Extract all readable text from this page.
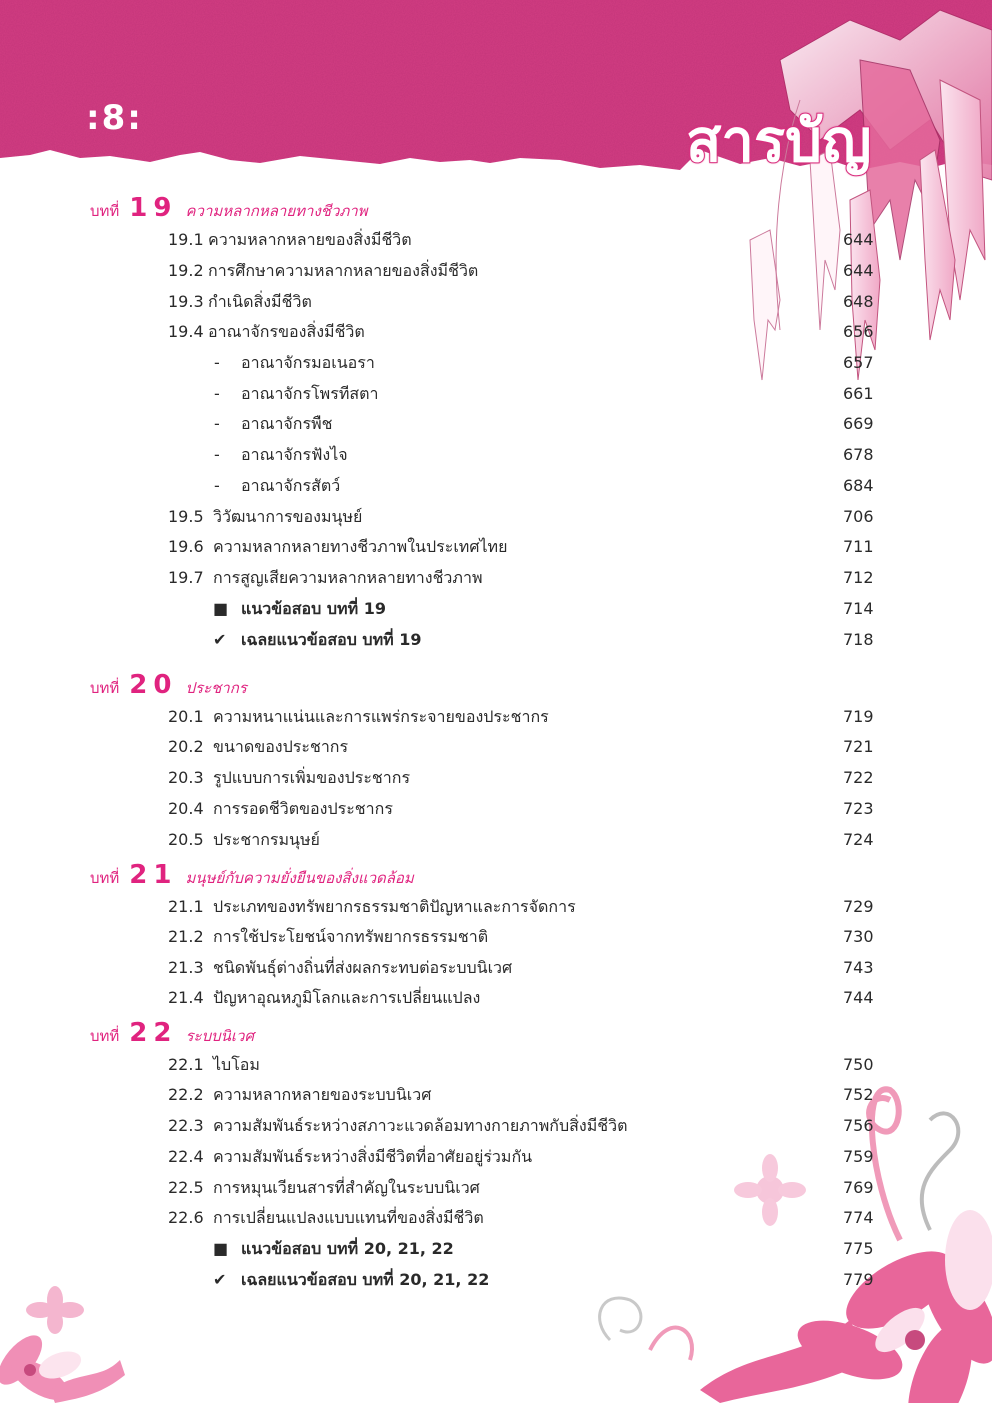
:8:	สารบัญ
บทที่ 19 ความหลากหลายทางชีวภาพ
19.1 ความหลากหลายของสิ่งมีชีวิต	644
19.2 การศึกษาความหลากหลายของสิ่งมีชีวิต	644
19.3 กำเนิดสิ่งมีชีวิต	648
19.4 อาณาจักรของสิ่งมีชีวิต	656
- อาณาจักรมอเนอรา	657
- อาณาจักรโพรทีสตา	661
- อาณาจักรพืช	669
- อาณาจักรฟังไจ	678
- อาณาจักรสัตว์	684
19.5 วิวัฒนาการของมนุษย์	706
19.6 ความหลากหลายทางชีวภาพในประเทศไทย	711
19.7 การสูญเสียความหลากหลายทางชีวภาพ	712
■ แนวข้อสอบ บทที่ 19	714
✔ เฉลยแนวข้อสอบ บทที่ 19	718
บทที่ 20 ประชากร
20.1 ความหนาแน่นและการแพร่กระจายของประชากร	719
20.2 ขนาดของประชากร	721
20.3 รูปแบบการเพิ่มของประชากร	722
20.4 การรอดชีวิตของประชากร	723
20.5 ประชากรมนุษย์	724
บทที่ 21 มนุษย์กับความยั่งยืนของสิ่งแวดล้อม
21.1 ประเภทของทรัพยากรธรรมชาติปัญหาและการจัดการ	729
21.2 การใช้ประโยชน์จากทรัพยากรธรรมชาติ	730
21.3 ชนิดพันธุ์ต่างถิ่นที่ส่งผลกระทบต่อระบบนิเวศ	743
21.4 ปัญหาอุณหภูมิโลกและการเปลี่ยนแปลง	744
บทที่ 22 ระบบนิเวศ
22.1 ไบโอม	750
22.2 ความหลากหลายของระบบนิเวศ	752
22.3 ความสัมพันธ์ระหว่างสภาวะแวดล้อมทางกายภาพกับสิ่งมีชีวิต	756
22.4 ความสัมพันธ์ระหว่างสิ่งมีชีวิตที่อาศัยอยู่ร่วมกัน	759
22.5 การหมุนเวียนสารที่สำคัญในระบบนิเวศ	769
22.6 การเปลี่ยนแปลงแบบแทนที่ของสิ่งมีชีวิต	774
■ แนวข้อสอบ บทที่ 20, 21, 22	775
✔ เฉลยแนวข้อสอบ บทที่ 20, 21, 22	779
